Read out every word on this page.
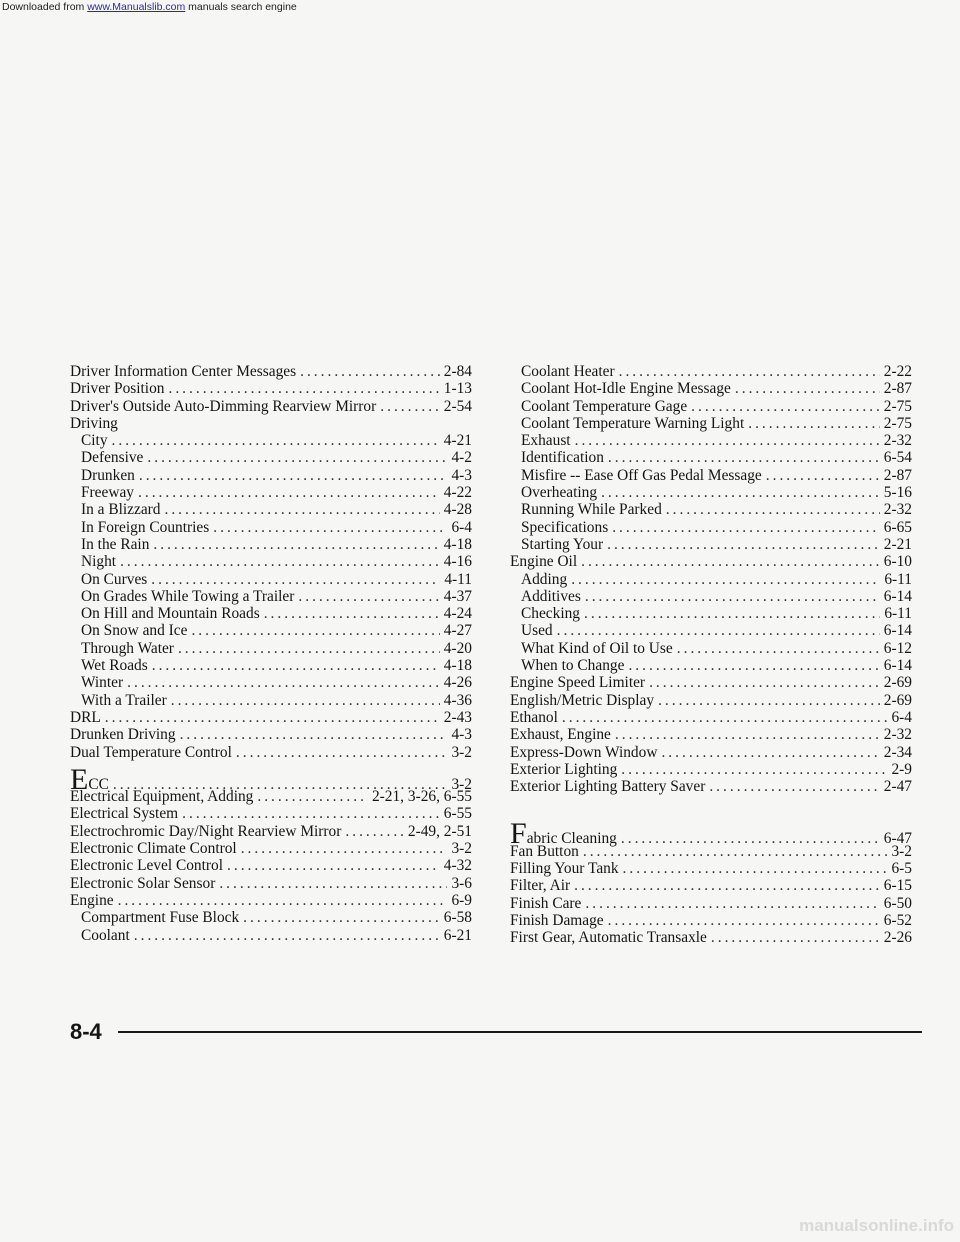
Downloaded from www.Manualslib.com manuals search engine
Driver Information Center Messages .....	2-84
Driver Position .....	1-13
Driver's Outside Auto-Dimming Rearview Mirror .....	2-54
Driving
City .....	4-21
Defensive .....	4-2
Drunken .....	4-3
Freeway .....	4-22
In a Blizzard .....	4-28
In Foreign Countries .....	6-4
In the Rain .....	4-18
Night .....	4-16
On Curves .....	4-11
On Grades While Towing a Trailer .....	4-37
On Hill and Mountain Roads .....	4-24
On Snow and Ice .....	4-27
Through Water .....	4-20
Wet Roads .....	4-18
Winter .....	4-26
With a Trailer .....	4-36
DRL .....	2-43
Drunken Driving .....	4-3
Dual Temperature Control .....	3-2
ECC .....	3-2
Electrical Equipment, Adding .....	2-21, 3-26, 6-55
Electrical System .....	6-55
Electrochromic Day/Night Rearview Mirror .....	2-49, 2-51
Electronic Climate Control .....	3-2
Electronic Level Control .....	4-32
Electronic Solar Sensor .....	3-6
Engine .....	6-9
Compartment Fuse Block .....	6-58
Coolant .....	6-21
Coolant Heater .....	2-22
Coolant Hot-Idle Engine Message .....	2-87
Coolant Temperature Gage .....	2-75
Coolant Temperature Warning Light .....	2-75
Exhaust .....	2-32
Identification .....	6-54
Misfire -- Ease Off Gas Pedal Message .....	2-87
Overheating .....	5-16
Running While Parked .....	2-32
Specifications .....	6-65
Starting Your .....	2-21
Engine Oil .....	6-10
Adding .....	6-11
Additives .....	6-14
Checking .....	6-11
Used .....	6-14
What Kind of Oil to Use .....	6-12
When to Change .....	6-14
Engine Speed Limiter .....	2-69
English/Metric Display .....	2-69
Ethanol .....	6-4
Exhaust, Engine .....	2-32
Express-Down Window .....	2-34
Exterior Lighting .....	2-9
Exterior Lighting Battery Saver .....	2-47
Fabric Cleaning .....	6-47
Fan Button .....	3-2
Filling Your Tank .....	6-5
Filter, Air .....	6-15
Finish Care .....	6-50
Finish Damage .....	6-52
First Gear, Automatic Transaxle .....	2-26
8-4
manualsonline.info
